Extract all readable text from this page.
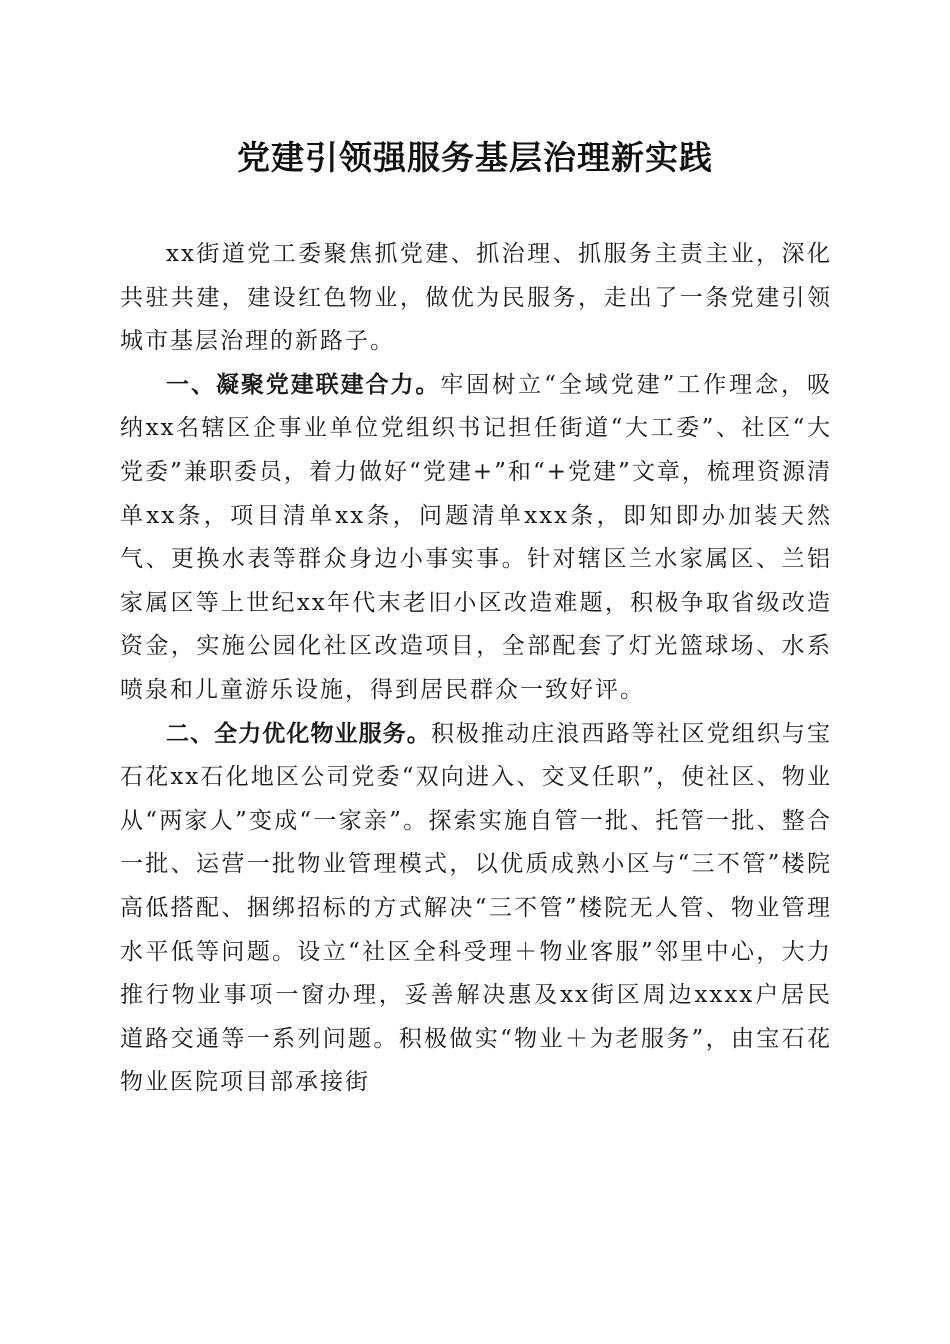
党建引领强服务基层治理新实践

xx街道党工委聚焦抓党建、抓治理、抓服务主责主业，深化共驻共建，建设红色物业，做优为民服务，走出了一条党建引领城市基层治理的新路子。

一、凝聚党建联建合力。牢固树立“全域党建”工作理念，吸纳xx名辖区企事业单位党组织书记担任街道“大工委”、社区“大党委”兼职委员，着力做好“党建+”和“+党建”文章，梳理资源清单xx条，项目清单xx条，问题清单xxx条，即知即办加装天然气、更换水表等群众身边小事实事。针对辖区兰水家属区、兰铝家属区等上世纪xx年代末老旧小区改造难题，积极争取省级改造资金，实施公园化社区改造项目，全部配套了灯光篮球场、水系喷泉和儿童游乐设施，得到居民群众一致好评。

二、全力优化物业服务。积极推动庄浪西路等社区党组织与宝石花xx石化地区公司党委“双向进入、交叉任职”，使社区、物业从“两家人”变成“一家亲”。探索实施自管一批、托管一批、整合一批、运营一批物业管理模式，以优质成熟小区与“三不管”楼院高低搭配、捆绑招标的方式解决“三不管”楼院无人管、物业管理水平低等问题。设立“社区全科受理＋物业客服”邻里中心，大力推行物业事项一窗办理，妥善解决惠及xx街区周边xxxx户居民道路交通等一系列问题。积极做实“物业＋为老服务”，由宝石花物业医院项目部承接街
